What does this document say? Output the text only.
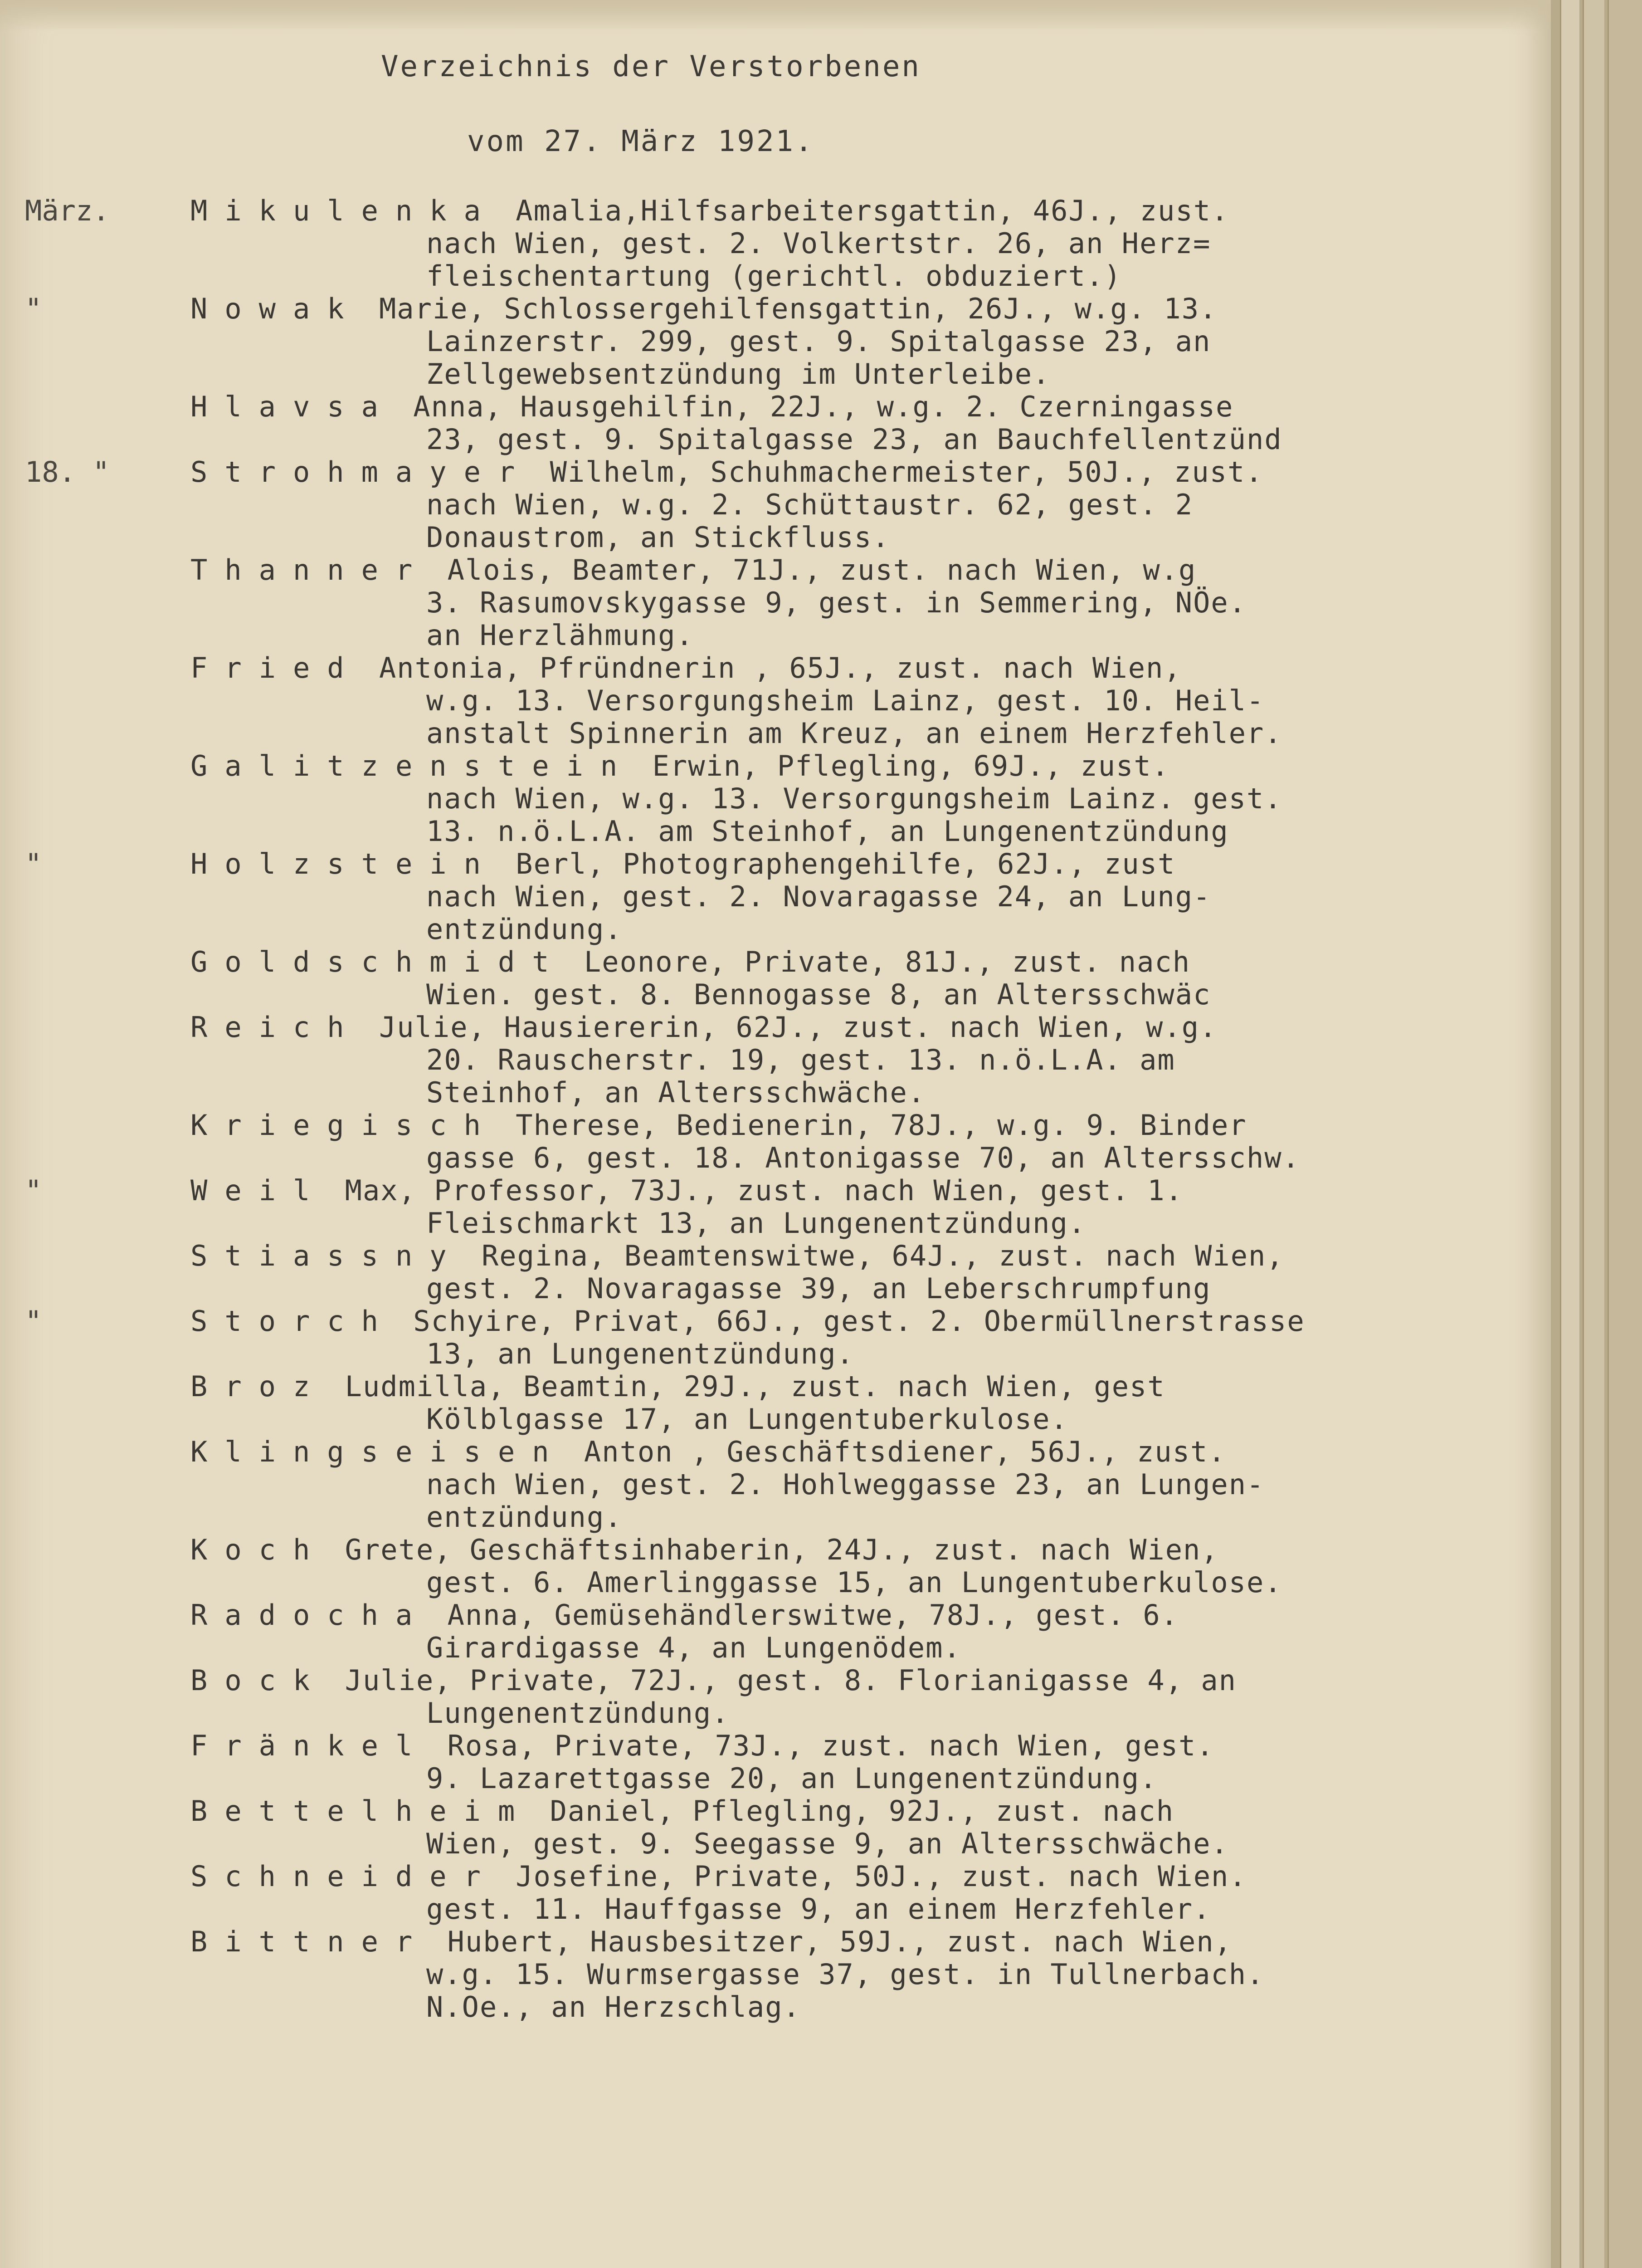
Verzeichnis der Verstorbenen
vom 27. März 1921.
März.	Mikulenka Amalia,Hilfsarbeitersgattin, 46J., zust.
nach Wien, gest. 2. Volkertstr. 26, an Herz=
fleischentartung (gerichtl. obduziert.)
"	Nowak Marie, Schlossergehilfensgattin, 26J., w.g. 13.
Lainzerstr. 299, gest. 9. Spitalgasse 23, an
Zellgewebsentzündung im Unterleibe.
Hlavsa Anna, Hausgehilfin, 22J., w.g. 2. Czerningasse
23, gest. 9. Spitalgasse 23, an Bauchfellentzünd
18. "	Strohmayer Wilhelm, Schuhmachermeister, 50J., zust.
nach Wien, w.g. 2. Schüttaustr. 62, gest. 2
Donaustrom, an Stickfluss.
Thanner Alois, Beamter, 71J., zust. nach Wien, w.g
3. Rasumovskygasse 9, gest. in Semmering, NÖe.
an Herzlähmung.
Fried Antonia, Pfründnerin , 65J., zust. nach Wien,
w.g. 13. Versorgungsheim Lainz, gest. 10. Heil-
anstalt Spinnerin am Kreuz, an einem Herzfehler.
Galitzenstein Erwin, Pflegling, 69J., zust.
nach Wien, w.g. 13. Versorgungsheim Lainz. gest.
13. n.ö.L.A. am Steinhof, an Lungenentzündung
"	Holzstein Berl, Photographengehilfe, 62J., zust
nach Wien, gest. 2. Novaragasse 24, an Lung-
entzündung.
Goldschmidt Leonore, Private, 81J., zust. nach
Wien. gest. 8. Bennogasse 8, an Altersschwäc
Reich Julie, Hausiererin, 62J., zust. nach Wien, w.g.
20. Rauscherstr. 19, gest. 13. n.ö.L.A. am
Steinhof, an Altersschwäche.
Kriegisch Therese, Bedienerin, 78J., w.g. 9. Binder
gasse 6, gest. 18. Antonigasse 70, an Altersschw.
"	Weil Max, Professor, 73J., zust. nach Wien, gest. 1.
Fleischmarkt 13, an Lungenentzündung.
Stiassny Regina, Beamtenswitwe, 64J., zust. nach Wien,
gest. 2. Novaragasse 39, an Leberschrumpfung
"	Storch Schyire, Privat, 66J., gest. 2. Obermüllnerstrasse
13, an Lungenentzündung.
Broz Ludmilla, Beamtin, 29J., zust. nach Wien, gest
Kölblgasse 17, an Lungentuberkulose.
Klingseisen Anton , Geschäftsdiener, 56J., zust.
nach Wien, gest. 2. Hohlweggasse 23, an Lungen-
entzündung.
Koch Grete, Geschäftsinhaberin, 24J., zust. nach Wien,
gest. 6. Amerlinggasse 15, an Lungentuberkulose.
Radocha Anna, Gemüsehändlerswitwe, 78J., gest. 6.
Girardigasse 4, an Lungenödem.
Bock Julie, Private, 72J., gest. 8. Florianigasse 4, an
Lungenentzündung.
Fränkel Rosa, Private, 73J., zust. nach Wien, gest.
9. Lazarettgasse 20, an Lungenentzündung.
Bettelheim Daniel, Pflegling, 92J., zust. nach
Wien, gest. 9. Seegasse 9, an Altersschwäche.
Schneider Josefine, Private, 50J., zust. nach Wien.
gest. 11. Hauffgasse 9, an einem Herzfehler.
Bittner Hubert, Hausbesitzer, 59J., zust. nach Wien,
w.g. 15. Wurmsergasse 37, gest. in Tullnerbach.
N.Oe., an Herzschlag.
